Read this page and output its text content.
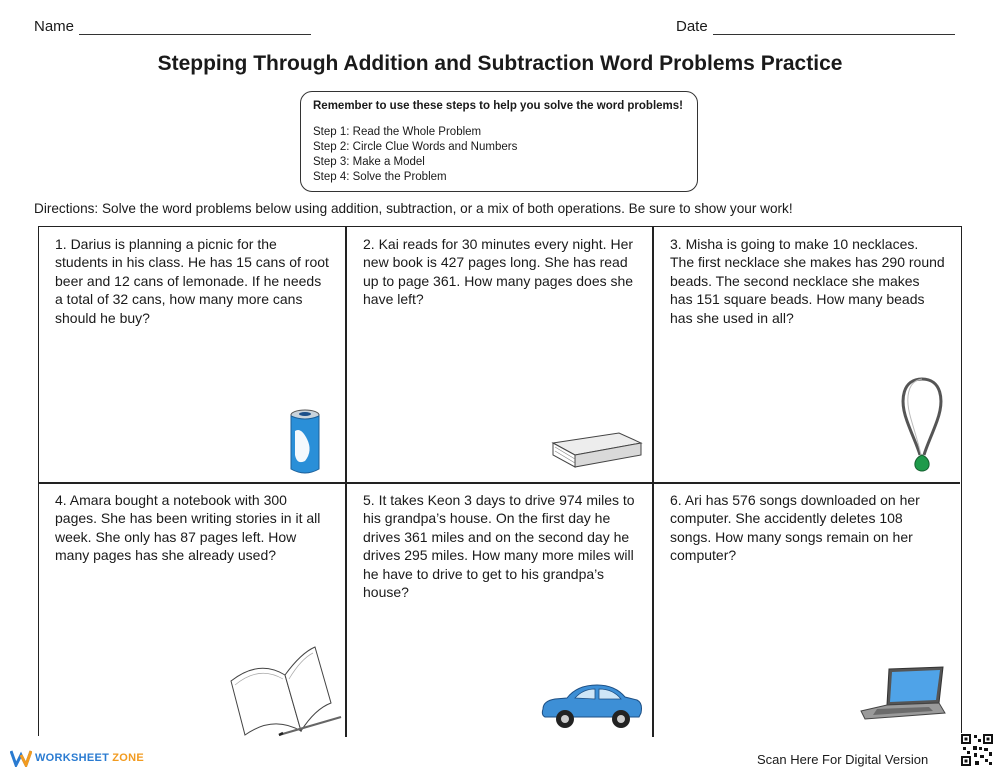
Name	Date
Stepping Through Addition and Subtraction Word Problems Practice
Remember to use these steps to help you solve the word problems!
Step 1: Read the Whole Problem
Step 2: Circle Clue Words and Numbers
Step 3: Make a Model
Step 4: Solve the Problem
Directions: Solve the word problems below using addition, subtraction, or a mix of both operations. Be sure to show your work!
1. Darius is planning a picnic for the students in his class. He has 15 cans of root beer and 12 cans of lemonade. If he needs a total of 32 cans, how many more cans should he buy?
2. Kai reads for 30 minutes every night. Her new book is 427 pages long. She has read up to page 361. How many pages does she have left?
3. Misha is going to make 10 necklaces. The first necklace she makes has 290 round beads. The second necklace she makes has 151 square beads. How many beads has she used in all?
4. Amara bought a notebook with 300 pages. She has been writing stories in it all week. She only has 87 pages left. How many pages has she already used?
5. It takes Keon 3 days to drive 974 miles to his grandpa’s house. On the first day he drives 361 miles and on the second day he drives 295 miles. How many more miles will he have to drive to get to his grandpa’s house?
6. Ari has 576 songs downloaded on her computer. She accidently deletes 108 songs. How many songs remain on her computer?
WORKSHEET ZONE	Scan Here For Digital Version
